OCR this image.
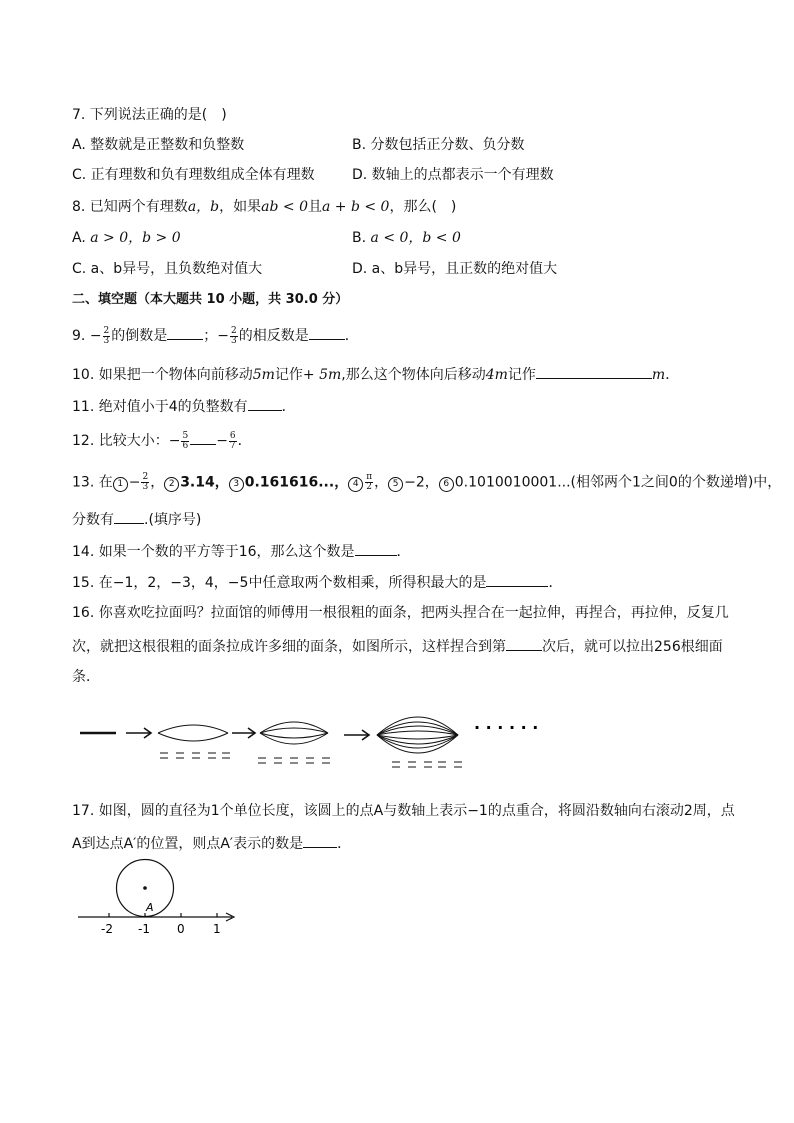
7. 下列说法正确的是(　)
A. 整数就是正整数和负整数	B. 分数包括正分数、负分数
C. 正有理数和负有理数组成全体有理数	D. 数轴上的点都表示一个有理数
8. 已知两个有理数a，b，如果ab < 0且a + b < 0，那么(　)
A. a > 0，b > 0	B. a < 0，b < 0
C. a、b异号，且负数绝对值大	D. a、b异号，且正数的绝对值大
二、填空题（本大题共 10 小题，共 30.0 分）
9. − $\frac{2}{3}$ 的倒数是	；− $\frac{2}{3}$ 的相反数是	．
10. 如果把一个物体向前移动5m记作+ 5m,那么这个物体向后移动4m记作	m．
11. 绝对值小于4的负整数有 ．
12. 比较大小：− $\frac{5}{6} - \frac{6}{7}$ ．
13. 在 $1 - \frac{2}{3}$ ， 2 3.14， 3 0.161616...， $4 \frac{\pi}{2}$ ， 5 −2， 6 0.1010010001...(相邻两个1之间0的个数递增)中，
分数有 .(填序号)
14. 如果一个数的平方等于16，那么这个数是	．
15. 在−1，2，−3，4，−5中任意取两个数相乘，所得积最大的是	．
16. 你喜欢吃拉面吗？拉面馆的师傅用一根很粗的面条，把两头捏合在一起拉伸，再捏合，再拉伸，反复几
次，就把这根很粗的面条拉成许多细的面条，如图所示，这样捏合到第	次后，就可以拉出256根细面
条．
· · · · · ·
17. 如图，圆的直径为1个单位长度，该圆上的点A与数轴上表示−1的点重合，将圆沿数轴向右滚动2周，点
A到达点A′的位置，则点A′表示的数是 ．
A
-2 -1 0 1
